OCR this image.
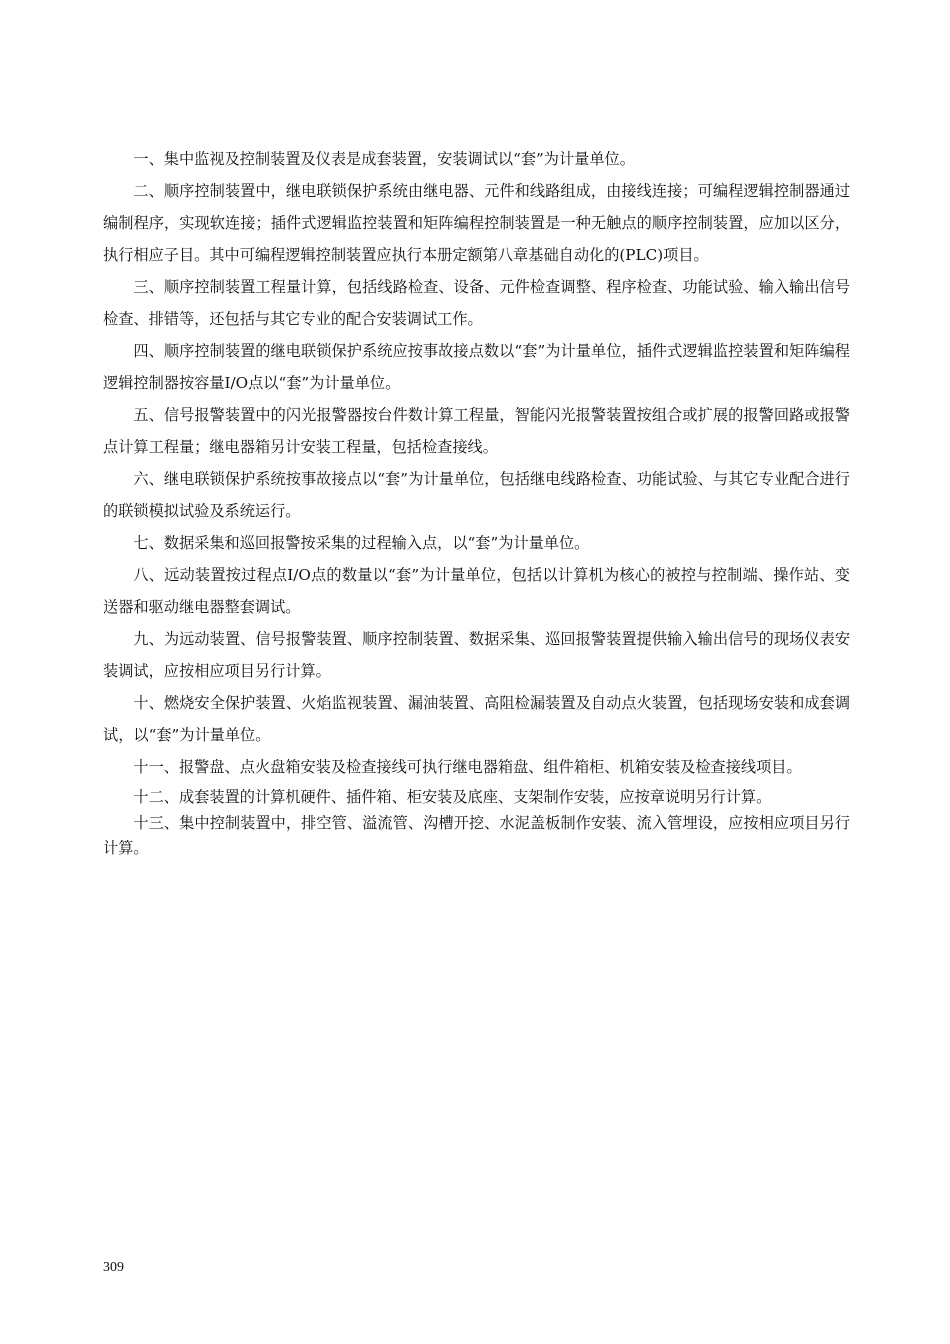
一、集中监视及控制装置及仪表是成套装置，安装调试以“套”为计量单位。

二、顺序控制装置中，继电联锁保护系统由继电器、元件和线路组成，由接线连接；可编程逻辑控制器通过编制程序，实现软连接；插件式逻辑监控装置和矩阵编程控制装置是一种无触点的顺序控制装置，应加以区分，执行相应子目。其中可编程逻辑控制装置应执行本册定额第八章基础自动化的(PLC)项目。

三、顺序控制装置工程量计算，包括线路检查、设备、元件检查调整、程序检查、功能试验、输入输出信号检查、排错等，还包括与其它专业的配合安装调试工作。

四、顺序控制装置的继电联锁保护系统应按事故接点数以“套”为计量单位，插件式逻辑监控装置和矩阵编程逻辑控制器按容量I/O点以“套”为计量单位。

五、信号报警装置中的闪光报警器按台件数计算工程量，智能闪光报警装置按组合或扩展的报警回路或报警点计算工程量；继电器箱另计安装工程量，包括检查接线。

六、继电联锁保护系统按事故接点以“套”为计量单位，包括继电线路检查、功能试验、与其它专业配合进行的联锁模拟试验及系统运行。

七、数据采集和巡回报警按采集的过程输入点，以“套”为计量单位。

八、远动装置按过程点I/O点的数量以“套”为计量单位，包括以计算机为核心的被控与控制端、操作站、变送器和驱动继电器整套调试。

九、为远动装置、信号报警装置、顺序控制装置、数据采集、巡回报警装置提供输入输出信号的现场仪表安装调试，应按相应项目另行计算。

十、燃烧安全保护装置、火焰监视装置、漏油装置、高阻检漏装置及自动点火装置，包括现场安装和成套调试，以“套”为计量单位。

十一、报警盘、点火盘箱安装及检查接线可执行继电器箱盘、组件箱柜、机箱安装及检查接线项目。

十二、成套装置的计算机硬件、插件箱、柜安装及底座、支架制作安装，应按章说明另行计算。

十三、集中控制装置中，排空管、溢流管、沟槽开挖、水泥盖板制作安装、流入管埋设，应按相应项目另行计算。

309
